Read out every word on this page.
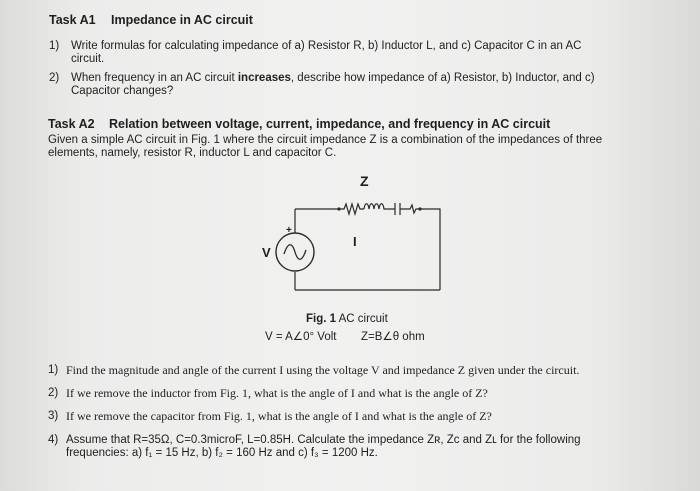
Task A1 Impedance in AC circuit
1) Write formulas for calculating impedance of a) Resistor R, b) Inductor L, and c) Capacitor C in an AC
circuit.
2) When frequency in an AC circuit increases, describe how impedance of a) Resistor, b) Inductor, and c)
Capacitor changes?
Task A2 Relation between voltage, current, impedance, and frequency in AC circuit
Given a simple AC circuit in Fig. 1 where the circuit impedance Z is a combination of the impedances of three
elements, namely, resistor R, inductor L and capacitor C.
Z
I
V
+
Fig. 1 AC circuit
V = A∠0° Volt Z=B∠θ ohm
1) Find the magnitude and angle of the current I using the voltage V and impedance Z given under the circuit.
2) If we remove the inductor from Fig. 1, what is the angle of I and what is the angle of Z?
3) If we remove the capacitor from Fig. 1, what is the angle of I and what is the angle of Z?
4) Assume that R=35Ω, C=0.3microF, L=0.85H. Calculate the impedance Zʀ, Zᴄ and Zʟ for the following
frequencies: a) f₁ = 15 Hz, b) f₂ = 160 Hz and c) f₃ = 1200 Hz.
